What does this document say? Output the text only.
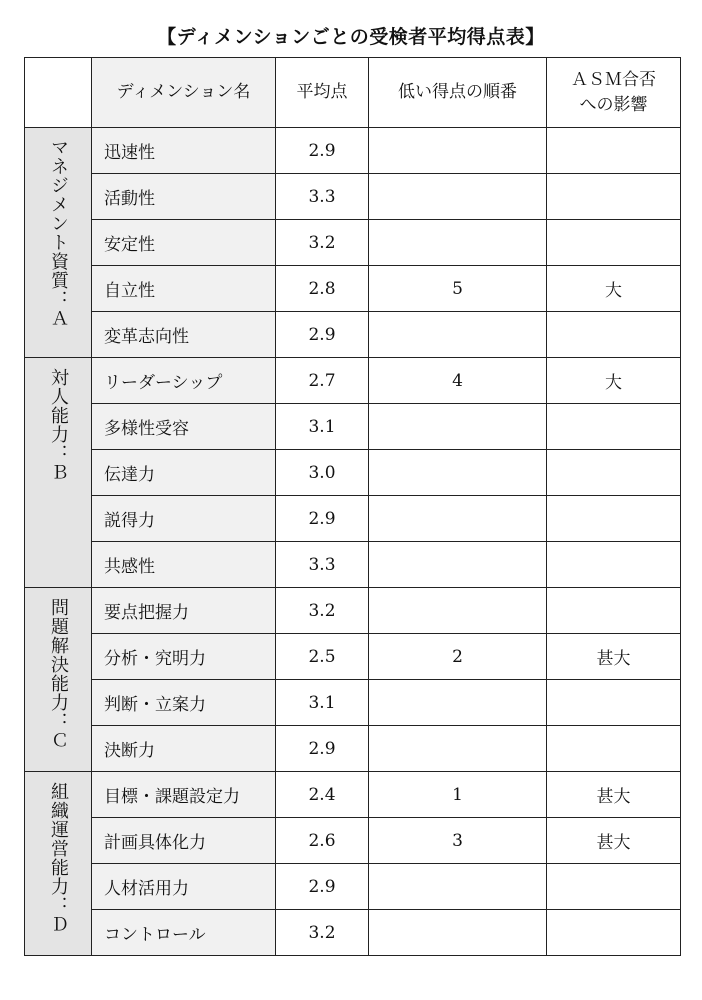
【ディメンションごとの受検者平均得点表】
	ディメンション名	平均点	低い得点の順番	ＡＳＭ合否
への影響
マネジメント資質：Ａ	迅速性	2.9		
	活動性	3.3		
	安定性	3.2		
	自立性	2.8	5	大
	変革志向性	2.9		
対人能力：Ｂ	リーダーシップ	2.7	4	大
	多様性受容	3.1		
	伝達力	3.0		
	説得力	2.9		
	共感性	3.3		
問題解決能力：Ｃ	要点把握力	3.2		
	分析・究明力	2.5	2	甚大
	判断・立案力	3.1		
	決断力	2.9		
組織運営能力：Ｄ	目標・課題設定力	2.4	1	甚大
	計画具体化力	2.6	3	甚大
	人材活用力	2.9		
	コントロール	3.2		
